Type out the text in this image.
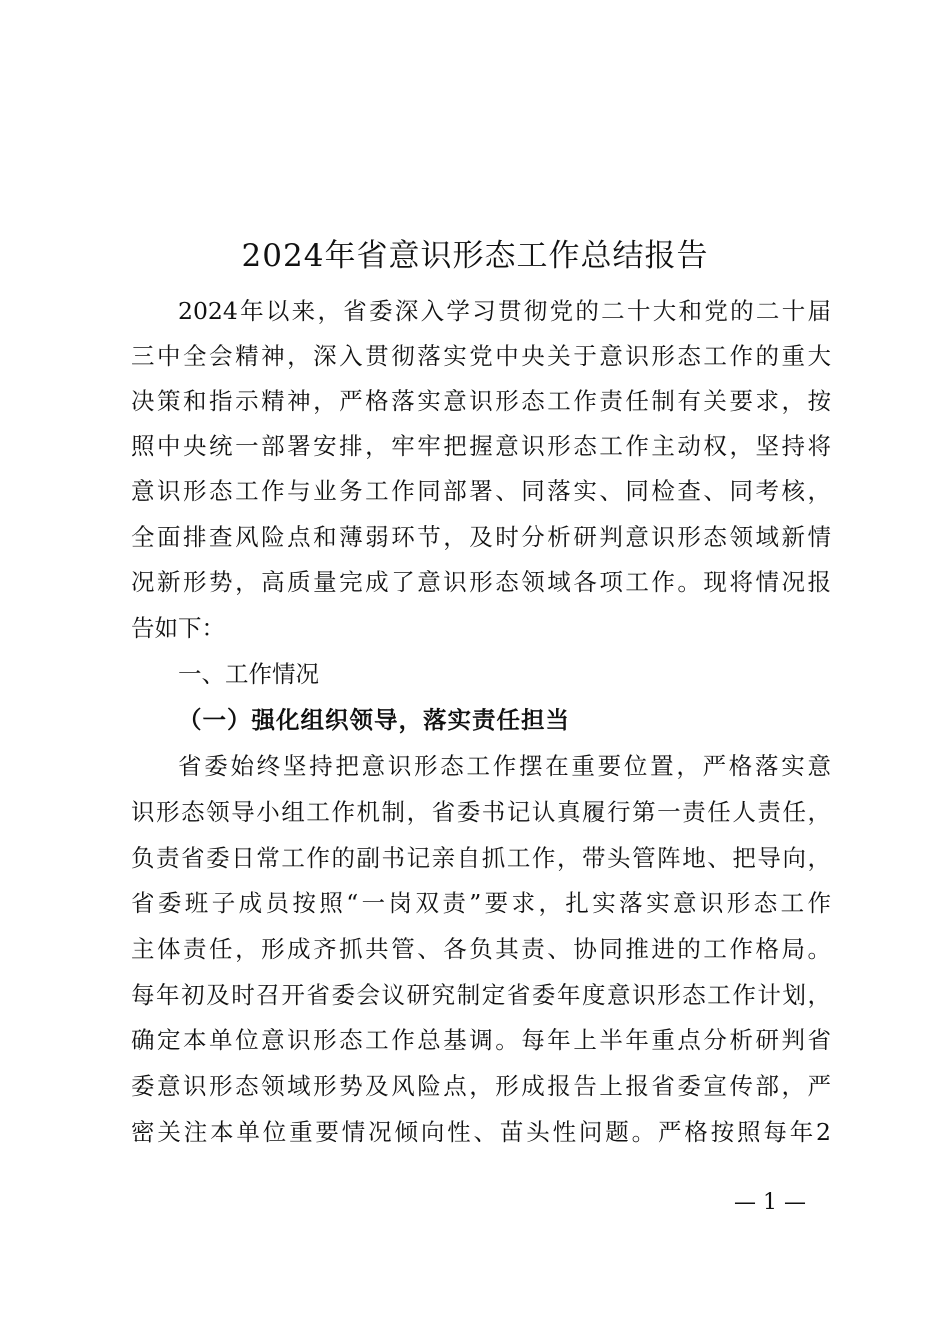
2024年省意识形态工作总结报告
2024年以来，省委深入学习贯彻党的二十大和党的二十届
三中全会精神，深入贯彻落实党中央关于意识形态工作的重大
决策和指示精神，严格落实意识形态工作责任制有关要求，按
照中央统一部署安排，牢牢把握意识形态工作主动权，坚持将
意识形态工作与业务工作同部署、同落实、同检查、同考核，
全面排查风险点和薄弱环节，及时分析研判意识形态领域新情
况新形势，高质量完成了意识形态领域各项工作。现将情况报
告如下：
一、工作情况
（一）强化组织领导，落实责任担当
省委始终坚持把意识形态工作摆在重要位置，严格落实意
识形态领导小组工作机制，省委书记认真履行第一责任人责任，
负责省委日常工作的副书记亲自抓工作，带头管阵地、把导向，
省委班子成员按照“一岗双责”要求，扎实落实意识形态工作
主体责任，形成齐抓共管、各负其责、协同推进的工作格局。
每年初及时召开省委会议研究制定省委年度意识形态工作计划，
确定本单位意识形态工作总基调。每年上半年重点分析研判省
委意识形态领域形势及风险点，形成报告上报省委宣传部，严
密关注本单位重要情况倾向性、苗头性问题。严格按照每年2
— 1 —
